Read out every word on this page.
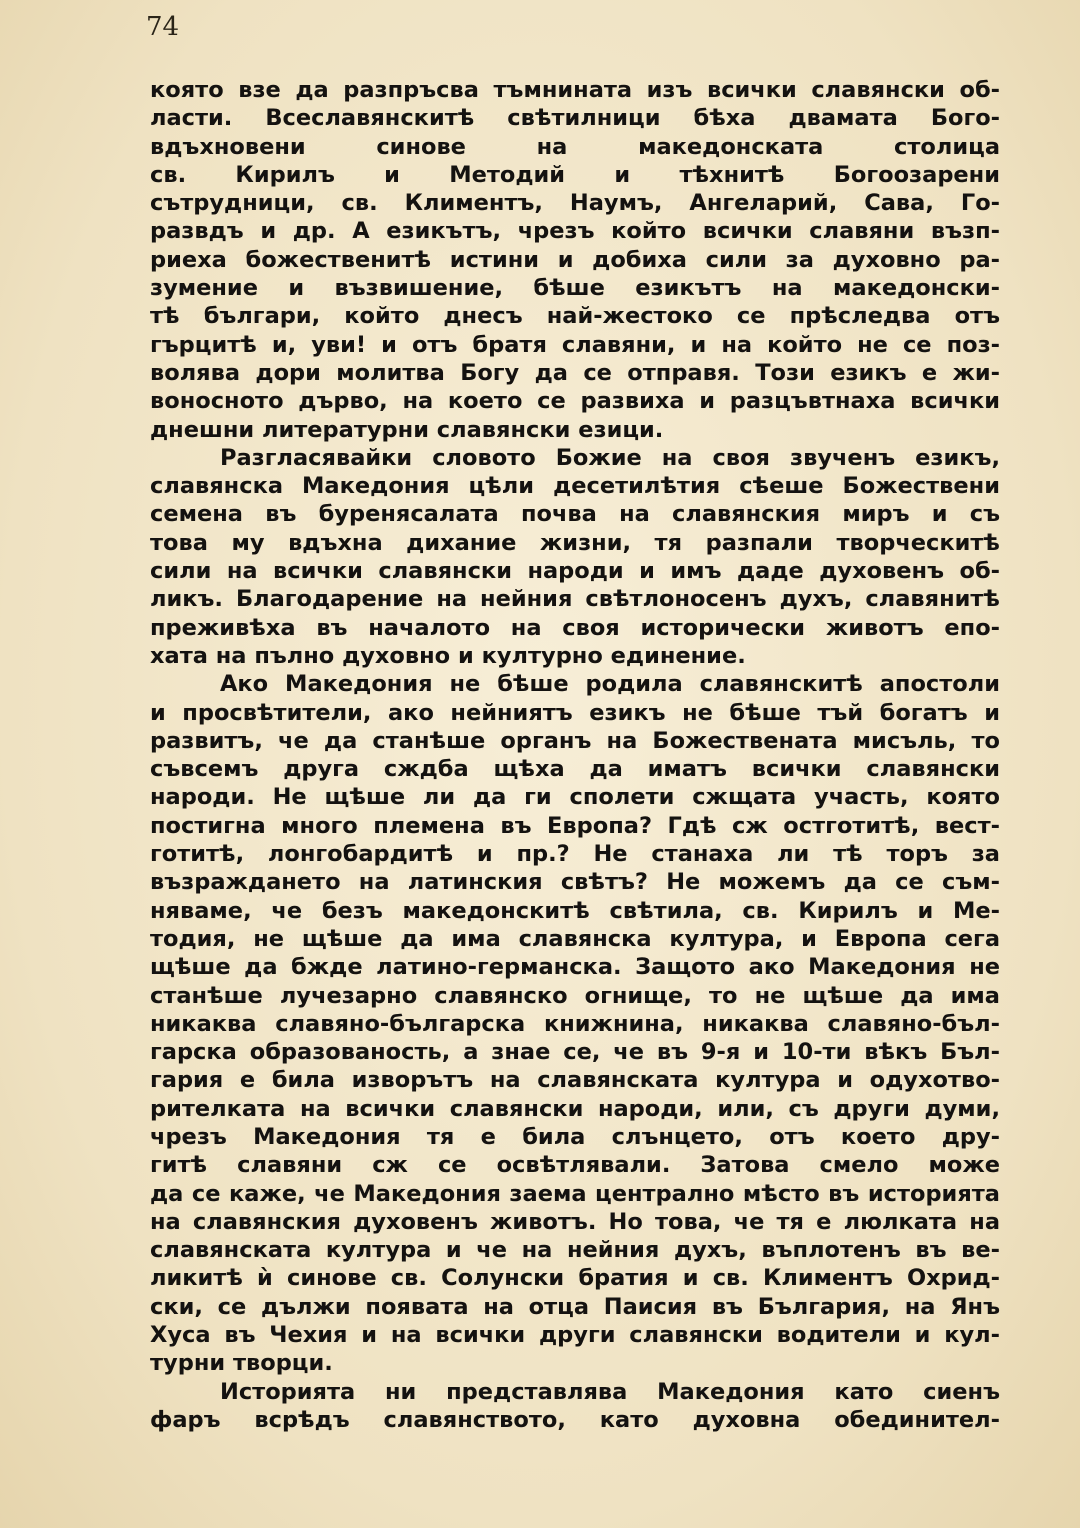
74
която взе да разпръсва тъмнината изъ всички славянски об-
ласти. Всеславянскитѣ свѣтилници бѣха двамата Бого-
вдъхновени синове на македонската столица
св. Кирилъ и Методий и тѣхнитѣ Богоозарени
сътрудници, св. Климентъ, Наумъ, Ангеларий, Сава, Го-
развдъ и др. А езикътъ, чрезъ който всички славяни възп-
риеха божественитѣ истини и добиха сили за духовно ра-
зумение и възвишение, бѣше езикътъ на македонски-
тѣ българи, който днесъ най-жестоко се прѣследва отъ
гърцитѣ и, уви! и отъ братя славяни, и на който не се поз-
волява дори молитва Богу да се отправя. Този езикъ е жи-
воносното дърво, на което се развиха и разцъвтнаха всички
днешни литературни славянски езици.
Разгласявайки словото Божие на своя звученъ езикъ,
славянска Македония цѣли десетилѣтия сѣеше Божествени
семена въ буренясалата почва на славянския миръ и съ
това му вдъхна дихание жизни, тя разпали творческитѣ
сили на всички славянски народи и имъ даде духовенъ об-
ликъ. Благодарение на нейния свѣтлоносенъ духъ, славянитѣ
преживѣха въ началото на своя исторически животъ епо-
хата на пълно духовно и културно единение.
Ако Македония не бѣше родила славянскитѣ апостоли
и просвѣтители, ако нейниятъ езикъ не бѣше тъй богатъ и
развитъ, че да станѣше органъ на Божествената мисъль, то
съвсемъ друга сждба щѣха да иматъ всички славянски
народи. Не щѣше ли да ги сполети сжщата участь, която
постигна много племена въ Европа? Гдѣ сж остготитѣ, вест-
готитѣ, лонгобардитѣ и пр.? Не станаха ли тѣ торъ за
възраждането на латинския свѣтъ? Не можемъ да се съм-
няваме, че безъ македонскитѣ свѣтила, св. Кирилъ и Ме-
тодия, не щѣше да има славянска култура, и Европа сега
щѣше да бжде латино-германска. Защото ако Македония не
станѣше лучезарно славянско огнище, то не щѣше да има
никаква славяно-българска книжнина, никаква славяно-бъл-
гарска образованость, а знае се, че въ 9-я и 10-ти вѣкъ Бъл-
гария е била изворътъ на славянската култура и одухотво-
рителката на всички славянски народи, или, съ други думи,
чрезъ Македония тя е била слънцето, отъ което дру-
гитѣ славяни сж се освѣтлявали. Затова смело може
да се каже, че Македония заема централно мѣсто въ историята
на славянския духовенъ животъ. Но това, че тя е люлката на
славянската култура и че на нейния духъ, въплотенъ въ ве-
ликитѣ ѝ синове св. Солунски братия и св. Климентъ Охрид-
ски, се дължи появата на отца Паисия въ България, на Янъ
Хуса въ Чехия и на всички други славянски водители и кул-
турни творци.
Историята ни представлява Македония като сиенъ
фаръ всрѣдъ славянството, като духовна обединител-
